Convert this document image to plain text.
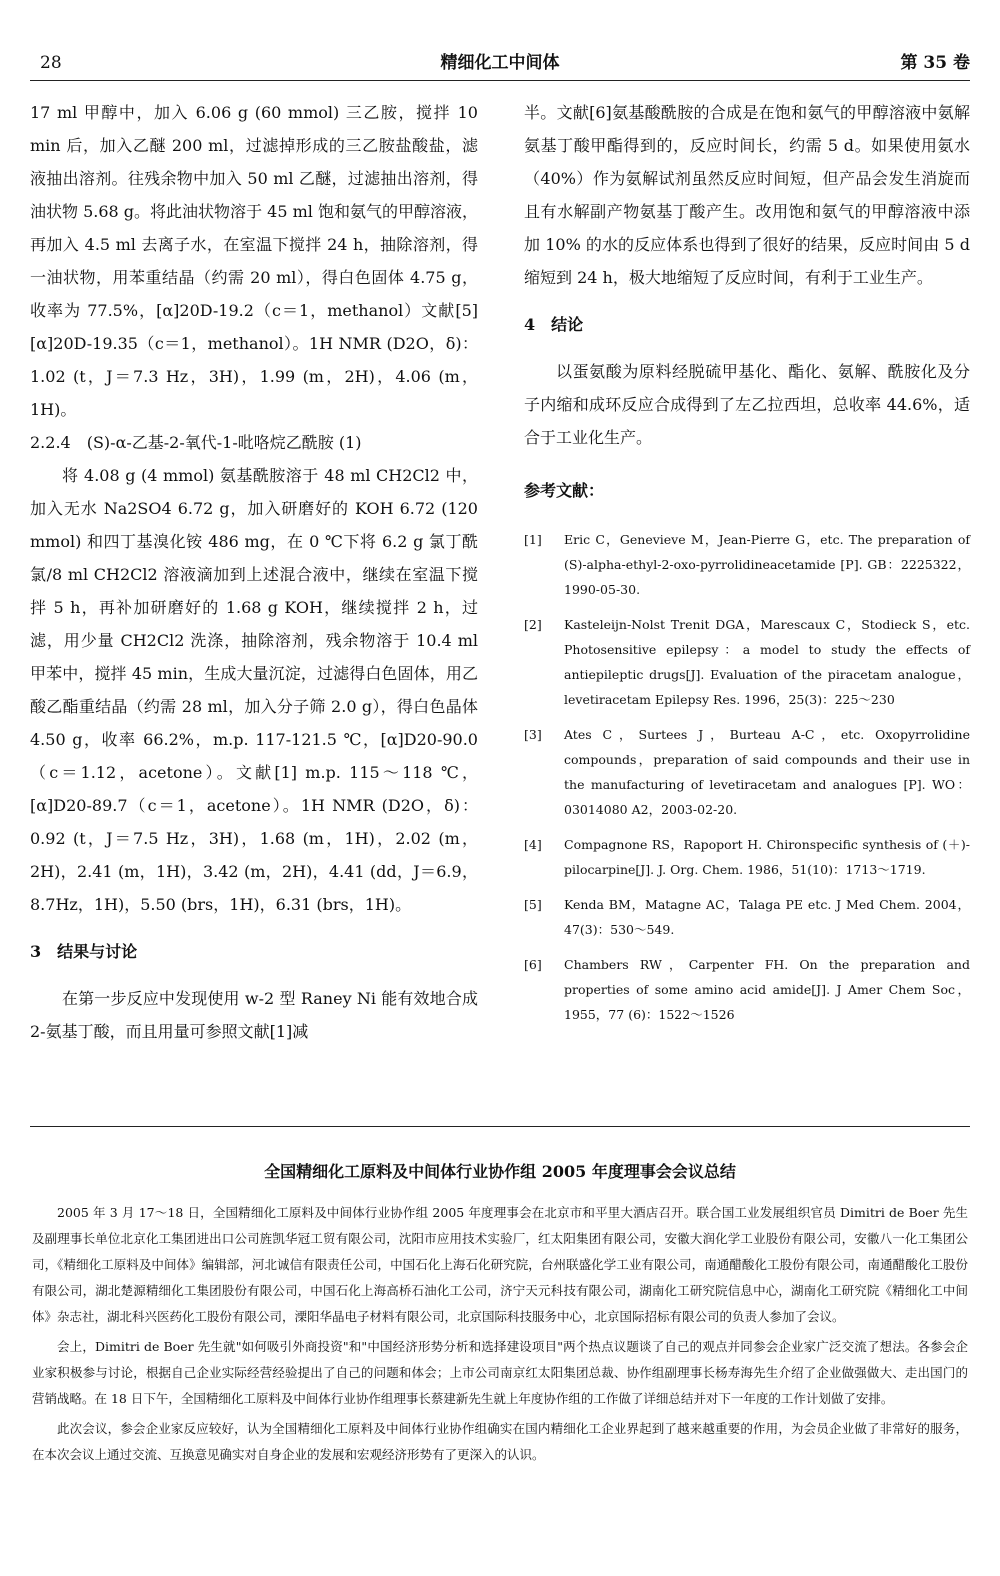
28	精细化工中间体	第 35 卷

17 ml 甲醇中，加入 6.06 g (60 mmol) 三乙胺，搅拌 10 min 后，加入乙醚 200 ml，过滤掉形成的三乙胺盐酸盐，滤液抽出溶剂。往残余物中加入 50 ml 乙醚，过滤抽出溶剂，得油状物 5.68 g。将此油状物溶于 45 ml 饱和氨气的甲醇溶液，再加入 4.5 ml 去离子水，在室温下搅拌 24 h，抽除溶剂，得一油状物，用苯重结晶（约需 20 ml），得白色固体 4.75 g，收率为 77.5%，[α]20D-19.2（c＝1，methanol）文献[5] [α]20D-19.35（c＝1，methanol）。1H NMR (D2O，δ)：1.02 (t，J＝7.3 Hz，3H)，1.99 (m，2H)，4.06 (m，1H)。

2.2.4　(S)-α-乙基-2-氧代-1-吡咯烷乙酰胺 (1)

将 4.08 g (4 mmol) 氨基酰胺溶于 48 ml CH2Cl2 中，加入无水 Na2SO4 6.72 g，加入研磨好的 KOH 6.72 (120 mmol) 和四丁基溴化铵 486 mg，在 0 ℃下将 6.2 g 氯丁酰氯/8 ml CH2Cl2 溶液滴加到上述混合液中，继续在室温下搅拌 5 h，再补加研磨好的 1.68 g KOH，继续搅拌 2 h，过滤，用少量 CH2Cl2 洗涤，抽除溶剂，残余物溶于 10.4 ml 甲苯中，搅拌 45 min，生成大量沉淀，过滤得白色固体，用乙酸乙酯重结晶（约需 28 ml，加入分子筛 2.0 g），得白色晶体 4.50 g，收率 66.2%，m.p. 117-121.5 ℃，[α]D20-90.0（c＝1.12，acetone）。文献[1] m.p. 115～118 ℃，[α]D20-89.7（c＝1，acetone）。1H NMR (D2O，δ)：0.92 (t，J＝7.5 Hz，3H)，1.68 (m，1H)，2.02 (m，2H)，2.41 (m，1H)，3.42 (m，2H)，4.41 (dd，J＝6.9，8.7Hz，1H)，5.50 (brs，1H)，6.31 (brs，1H)。

3　结果与讨论

在第一步反应中发现使用 w-2 型 Raney Ni 能有效地合成 2-氨基丁酸，而且用量可参照文献[1]减

半。文献[6]氨基酸酰胺的合成是在饱和氨气的甲醇溶液中氨解氨基丁酸甲酯得到的，反应时间长，约需 5 d。如果使用氨水（40%）作为氨解试剂虽然反应时间短，但产品会发生消旋而且有水解副产物氨基丁酸产生。改用饱和氨气的甲醇溶液中添加 10% 的水的反应体系也得到了很好的结果，反应时间由 5 d 缩短到 24 h，极大地缩短了反应时间，有利于工业生产。

4　结论

以蛋氨酸为原料经脱硫甲基化、酯化、氨解、酰胺化及分子内缩和成环反应合成得到了左乙拉西坦，总收率 44.6%，适合于工业化生产。

参考文献：

[1] Eric C，Genevieve M，Jean-Pierre G，etc. The preparation of (S)-alpha-ethyl-2-oxo-pyrrolidineacetamide [P]. GB：2225322，1990-05-30.
[2] Kasteleijn-Nolst Trenit DGA，Marescaux C，Stodieck S，etc. Photosensitive epilepsy：a model to study the effects of antiepileptic drugs[J]. Evaluation of the piracetam analogue，levetiracetam Epilepsy Res. 1996，25(3)：225～230
[3] Ates C，Surtees J，Burteau A-C，etc. Oxopyrrolidine compounds，preparation of said compounds and their use in the manufacturing of levetiracetam and analogues [P]. WO：03014080 A2，2003-02-20.
[4] Compagnone RS，Rapoport H. Chironspecific synthesis of (＋)-pilocarpine[J]. J. Org. Chem. 1986，51(10)：1713～1719.
[5] Kenda BM，Matagne AC，Talaga PE etc. J Med Chem. 2004，47(3)：530～549.
[6] Chambers RW，Carpenter FH. On the preparation and properties of some amino acid amide[J]. J Amer Chem Soc，1955，77 (6)：1522～1526
全国精细化工原料及中间体行业协作组 2005 年度理事会会议总结

2005 年 3 月 17～18 日，全国精细化工原料及中间体行业协作组 2005 年度理事会在北京市和平里大酒店召开。联合国工业发展组织官员 Dimitri de Boer 先生及副理事长单位北京化工集团进出口公司旌凯华冠工贸有限公司，沈阳市应用技术实验厂，红太阳集团有限公司，安徽大润化学工业股份有限公司，安徽八一化工集团公司，《精细化工原料及中间体》编辑部，河北诚信有限责任公司，中国石化上海石化研究院，台州联盛化学工业有限公司，南通醋酸化工股份有限公司，南通醋酸化工股份有限公司，湖北楚源精细化工集团股份有限公司，中国石化上海高桥石油化工公司，济宁天元科技有限公司，湖南化工研究院信息中心，湖南化工研究院《精细化工中间体》杂志社，湖北科兴医药化工股份有限公司，溧阳华晶电子材料有限公司，北京国际科技服务中心，北京国际招标有限公司的负责人参加了会议。

会上，Dimitri de Boer 先生就"如何吸引外商投资"和"中国经济形势分析和选择建设项目"两个热点议题谈了自己的观点并同参会企业家广泛交流了想法。各参会企业家积极参与讨论，根据自己企业实际经营经验提出了自己的问题和体会；上市公司南京红太阳集团总裁、协作组副理事长杨寿海先生介绍了企业做强做大、走出国门的营销战略。在 18 日下午，全国精细化工原料及中间体行业协作组理事长蔡建新先生就上年度协作组的工作做了详细总结并对下一年度的工作计划做了安排。

此次会议，参会企业家反应较好，认为全国精细化工原料及中间体行业协作组确实在国内精细化工企业界起到了越来越重要的作用，为会员企业做了非常好的服务，在本次会议上通过交流、互换意见确实对自身企业的发展和宏观经济形势有了更深入的认识。
